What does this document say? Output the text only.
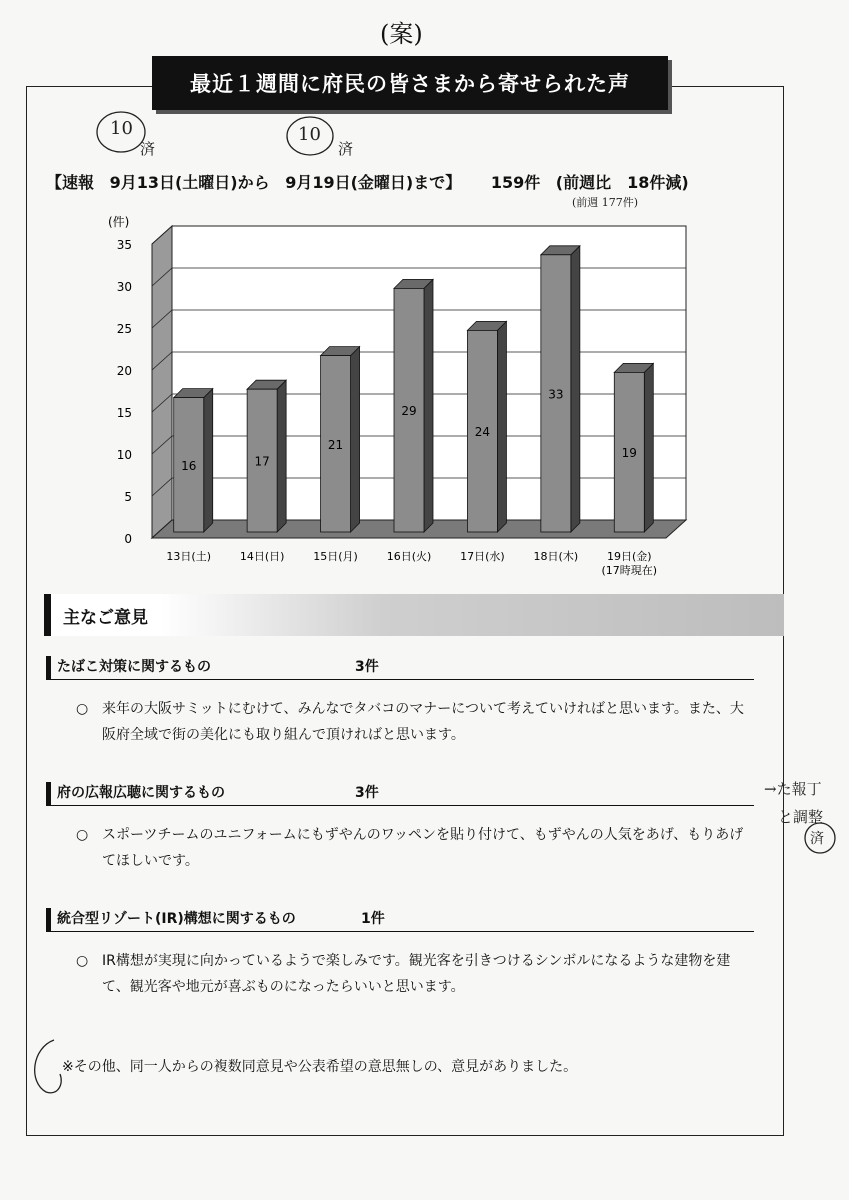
(案)
最近１週間に府民の皆さまから寄せられた声
10
済
10
済
(前週 177件)
【速報 9月13日(土曜日)から 9月19日(金曜日)まで】 159件 (前週比　18件減)
0
5
10
15
20
25
30
35
(件)
16
13日(土)
17
14日(日)
21
15日(月)
29
16日(火)
24
17日(水)
33
18日(木)
19
19日(金)
(17時現在)
主なご意見
たばこ対策に関するもの	3件
○ 来年の大阪サミットにむけて、みんなでタバコのマナーについて考えていければと思います。また、大阪府全域で街の美化にも取り組んで頂ければと思います。
府の広報広聴に関するもの	3件
○ スポーツチームのユニフォームにもずやんのワッペンを貼り付けて、もずやんの人気をあげ、もりあげてほしいです。
→た報丁
と調整
済
統合型リゾート(IR)構想に関するもの	1件
○ IR構想が実現に向かっているようで楽しみです。観光客を引きつけるシンボルになるような建物を建て、観光客や地元が喜ぶものになったらいいと思います。
※その他、同一人からの複数同意見や公表希望の意思無しの、意見がありました。
